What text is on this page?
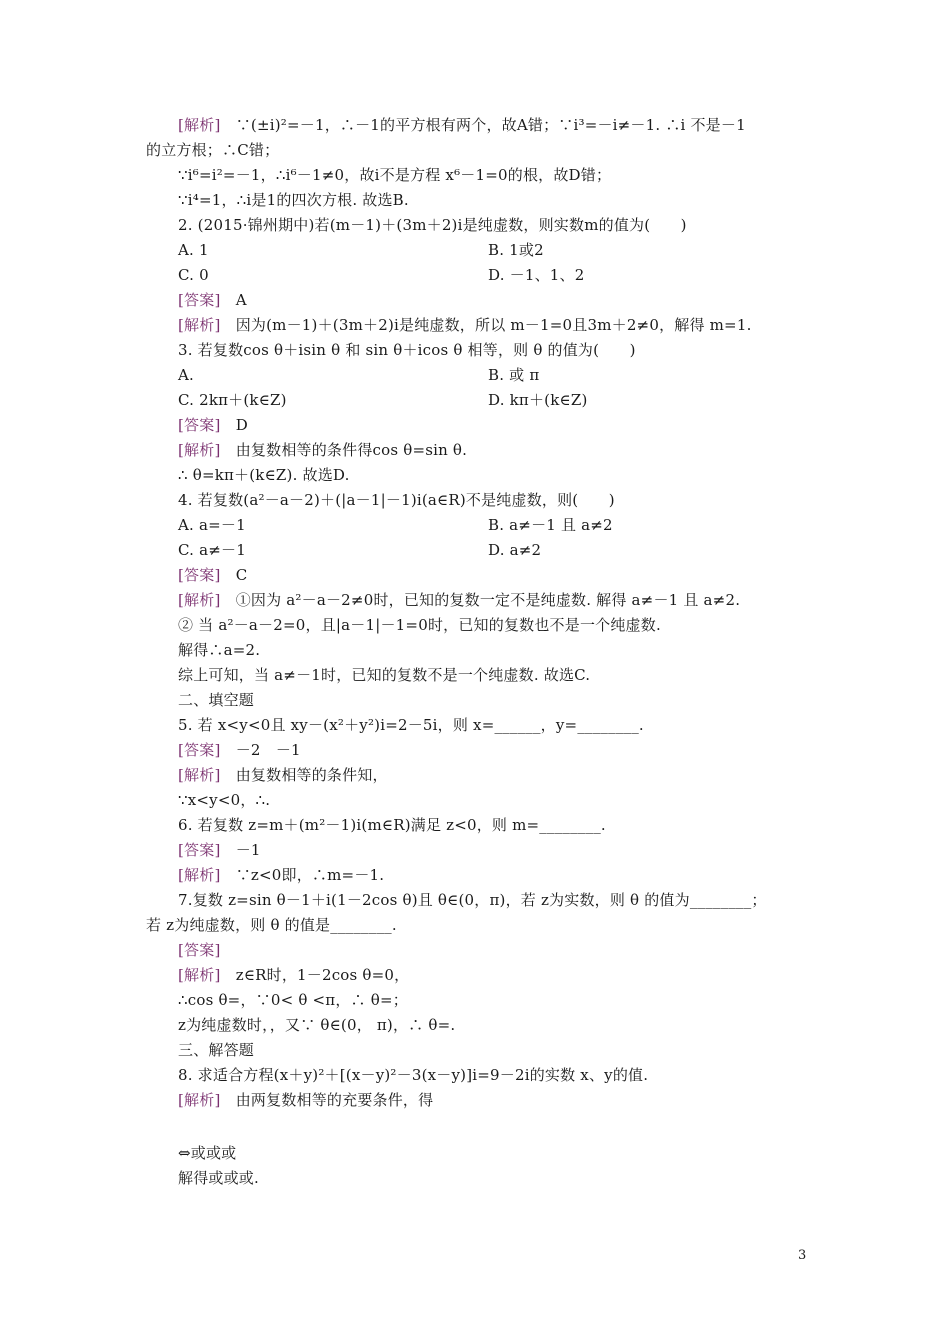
[解析]　∵(±i)²=－1，∴－1的平方根有两个，故A错；∵i³=－i≠－1. ∴i 不是－1
的立方根；∴C错；
∵i⁶=i²=－1，∴i⁶－1≠0，故i不是方程 x⁶－1=0的根，故D错；
∵i⁴=1，∴i是1的四次方根. 故选B.
2. (2015·锦州期中)若(m－1)＋(3m＋2)i是纯虚数，则实数m的值为(　　)
A. 1	B. 1或2
C. 0	D. －1、1、2
[答案]　A
[解析]　因为(m－1)＋(3m＋2)i是纯虚数，所以 m－1=0且3m＋2≠0，解得 m=1.
3. 若复数cos θ＋isin θ 和 sin θ＋icos θ 相等，则 θ 的值为(　　)
A.	B. 或 π
C. 2kπ＋(k∈Z)	D. kπ＋(k∈Z)
[答案]　D
[解析]　由复数相等的条件得cos θ=sin θ.
∴ θ=kπ＋(k∈Z). 故选D.
4. 若复数(a²－a－2)＋(|a－1|－1)i(a∈R)不是纯虚数，则(　　)
A. a=－1	B. a≠－1 且 a≠2
C. a≠－1	D. a≠2
[答案]　C
[解析]　①因为 a²－a－2≠0时，已知的复数一定不是纯虚数. 解得 a≠－1 且 a≠2.
② 当 a²－a－2=0，且|a－1|－1=0时，已知的复数也不是一个纯虚数.
解得∴a=2.
综上可知，当 a≠－1时，已知的复数不是一个纯虚数. 故选C.
二、填空题
5. 若 x<y<0且 xy－(x²＋y²)i=2－5i，则 x=______，y=________.
[答案]　－2　－1
[解析]　由复数相等的条件知，
∵x<y<0，∴.
6. 若复数 z=m＋(m²－1)i(m∈R)满足 z<0，则 m=________.
[答案]　－1
[解析]　∵z<0即，∴m=－1.
7.复数 z=sin θ－1＋i(1－2cos θ)且 θ∈(0，π)，若 z为实数，则 θ 的值为________；
若 z为纯虚数，则 θ 的值是________.
[答案]
[解析]　z∈R时，1－2cos θ=0，
∴cos θ=，∵0< θ <π，∴ θ=；
z为纯虚数时，，又∵ θ∈(0， π)，∴ θ=.
三、解答题
8. 求适合方程(x＋y)²＋[(x－y)²－3(x－y)]i=9－2i的实数 x、y的值.
[解析]　由两复数相等的充要条件，得
⇔或或或
解得或或或.
3
